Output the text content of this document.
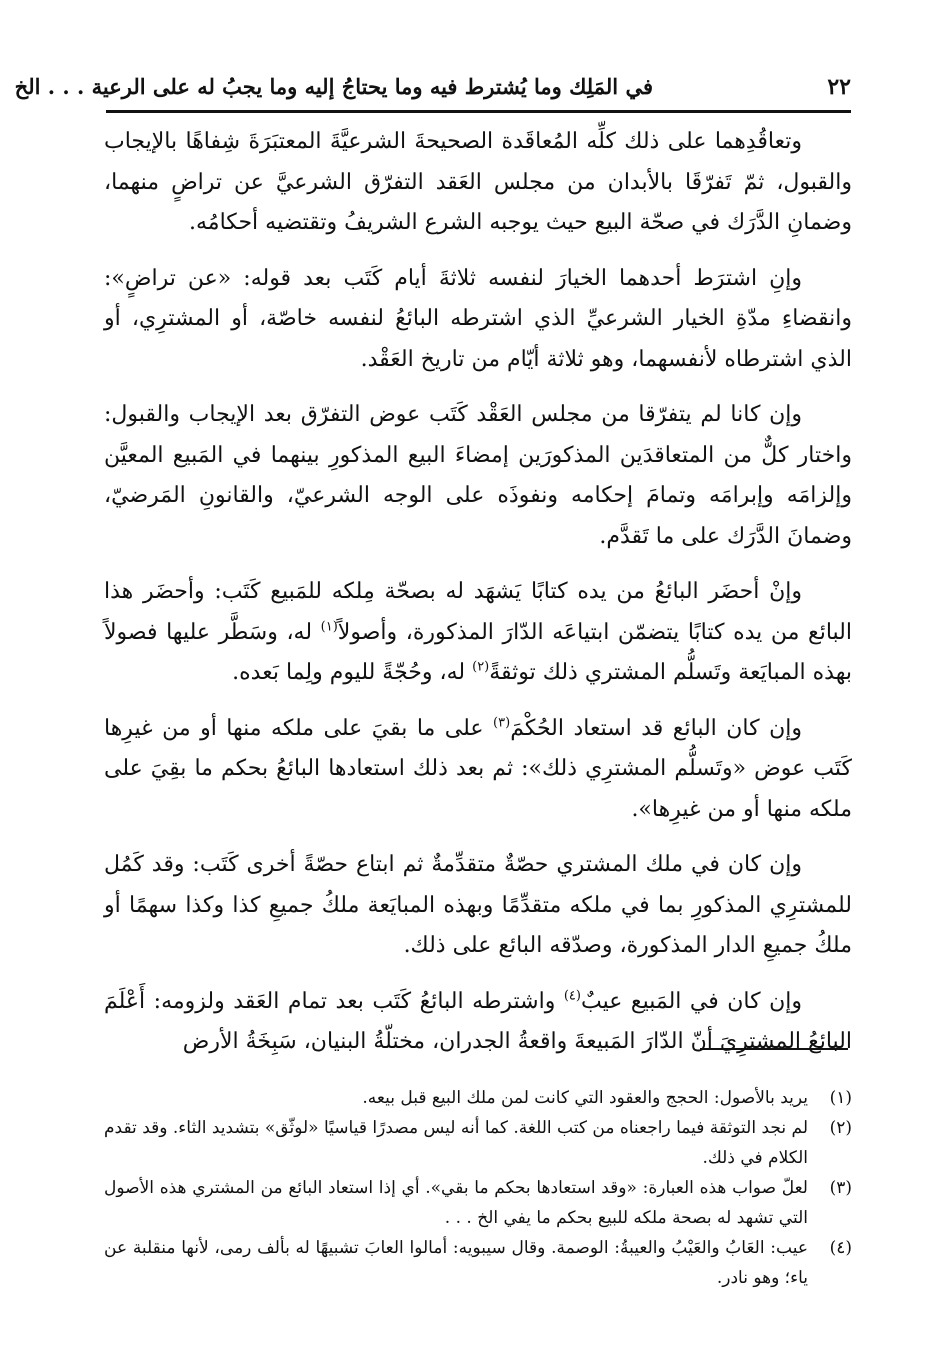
في المَلِك وما يُشترط فيه وما يحتاجُ إليه وما يجبُ له على الرعية . . . الخ	٢٢

وتعاقُدِهما على ذلك كلِّه المُعاقَدة الصحيحةَ الشرعيَّةَ المعتبَرَةَ شِفاهًا بالإيجاب والقبول، ثمّ تَفرّقَا بالأبدان من مجلس العَقد التفرّق الشرعيَّ عن تراضٍ منهما، وضمانِ الدَّرَك في صحّة البيع حيث يوجبه الشرع الشريفُ وتقتضيه أحكامُه.

وإنِ اشترَط أحدهما الخيارَ لنفسه ثلاثةَ أيام كَتَب بعد قوله: «عن تراضٍ»: وانقضاءِ مدّةِ الخيار الشرعيِّ الذي اشترطه البائعُ لنفسه خاصّة، أو المشترِي، أو الذي اشترطاه لأنفسهما، وهو ثلاثة أيّام من تاريخ العَقْد.

وإن كانا لم يتفرّقا من مجلس العَقْد كَتَب عوض التفرّق بعد الإيجاب والقبول: واختار كلٌّ من المتعاقدَين المذكورَين إمضاءَ البيع المذكورِ بينهما في المَبيع المعيَّن وإلزامَه وإبرامَه وتمامَ إحكامه ونفوذَه على الوجه الشرعيّ، والقانونِ المَرضيّ، وضمانَ الدَّرَك على ما تَقدَّم.

وإنْ أحضَر البائعُ من يده كتابًا يَشهَد له بصحّة مِلكه للمَبيع كَتَب: وأحضَر هذا البائع من يده كتابًا يتضمّن ابتياعَه الدّارَ المذكورة، وأصولاً$^{(١)}$ له، وسَطَّر عليها فصولاً بهذه المبايَعة وتَسلُّم المشتري ذلك توثقةً$^{(٢)}$ له، وحُجّةً لليوم ولِما بَعده.

وإن كان البائع قد استعاد الحُكْمَ$^{(٣)}$ على ما بقيَ على ملكه منها أو من غيرِها كَتَب عوض «وتَسلُّم المشترِي ذلك»: ثم بعد ذلك استعادها البائعُ بحكم ما بقِيَ على ملكه منها أو من غيرِها».

وإن كان في ملك المشتري حصّةٌ متقدِّمةٌ ثم ابتاع حصّةً أخرى كَتَب: وقد كَمُل للمشترِي المذكورِ بما في ملكه متقدِّمًا وبهذه المبايَعة ملكُ جميعِ كذا وكذا سهمًا أو ملكُ جميعِ الدار المذكورة، وصدّقه البائع على ذلك.

وإن كان في المَبيع عيبٌ$^{(٤)}$ واشترطه البائعُ كَتَب بعد تمام العَقد ولزومه: أَعْلَمَ البائعُ المشترِيَ أنّ الدّارَ المَبيعةَ واقعةُ الجدران، مختلّةُ البنيان، سَبِخَةُ الأرض

(١)
يريد بالأصول: الحجج والعقود التي كانت لمن ملك البيع قبل بيعه.
(٢)
لم نجد التوثقة فيما راجعناه من كتب اللغة. كما أنه ليس مصدرًا قياسيًا «لوثّق» بتشديد الثاء. وقد تقدم الكلام في ذلك.
(٣)
لعلّ صواب هذه العبارة: «وقد استعادها بحكم ما بقي». أي إذا استعاد البائع من المشتري هذه الأصول التي تشهد له بصحة ملكه للبيع بحكم ما يفي الخ . . .
(٤)
عيب: العَابُ والعَيْبُ والعيبةُ: الوصمة. وقال سيبويه: أمالوا العابَ تشبيهًا له بألف رمى، لأنها منقلبة عن ياء؛ وهو نادر.
